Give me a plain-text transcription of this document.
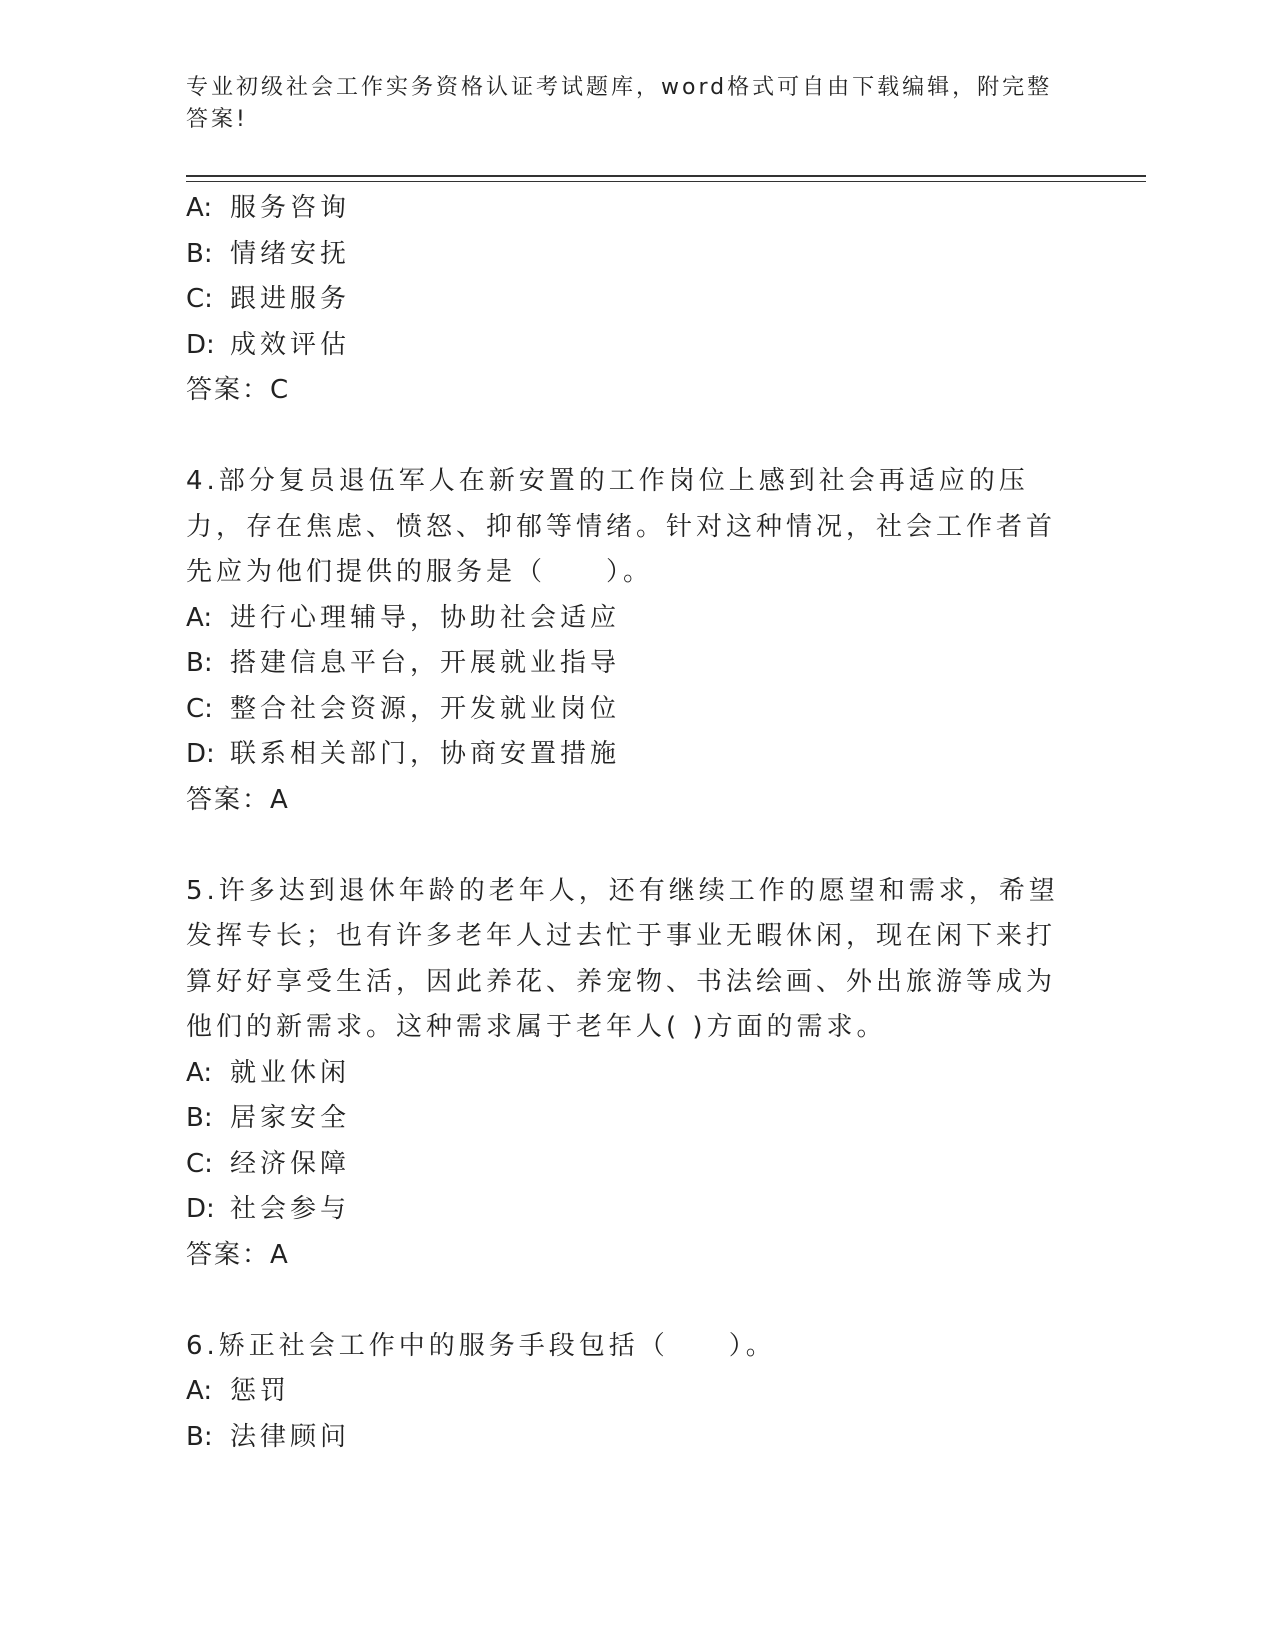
专业初级社会工作实务资格认证考试题库，word格式可自由下载编辑，附完整答案!
A: 服务咨询
B: 情绪安抚
C: 跟进服务
D: 成效评估
答案：C
4.部分复员退伍军人在新安置的工作岗位上感到社会再适应的压力，存在焦虑、愤怒、抑郁等情绪。针对这种情况，社会工作者首先应为他们提供的服务是（　　）。
A: 进行心理辅导，协助社会适应
B: 搭建信息平台，开展就业指导
C: 整合社会资源，开发就业岗位
D: 联系相关部门，协商安置措施
答案：A
5.许多达到退休年龄的老年人，还有继续工作的愿望和需求，希望发挥专长；也有许多老年人过去忙于事业无暇休闲，现在闲下来打算好好享受生活，因此养花、养宠物、书法绘画、外出旅游等成为他们的新需求。这种需求属于老年人( )方面的需求。
A: 就业休闲
B: 居家安全
C: 经济保障
D: 社会参与
答案：A
6.矫正社会工作中的服务手段包括（　　）。
A: 惩罚
B: 法律顾问
